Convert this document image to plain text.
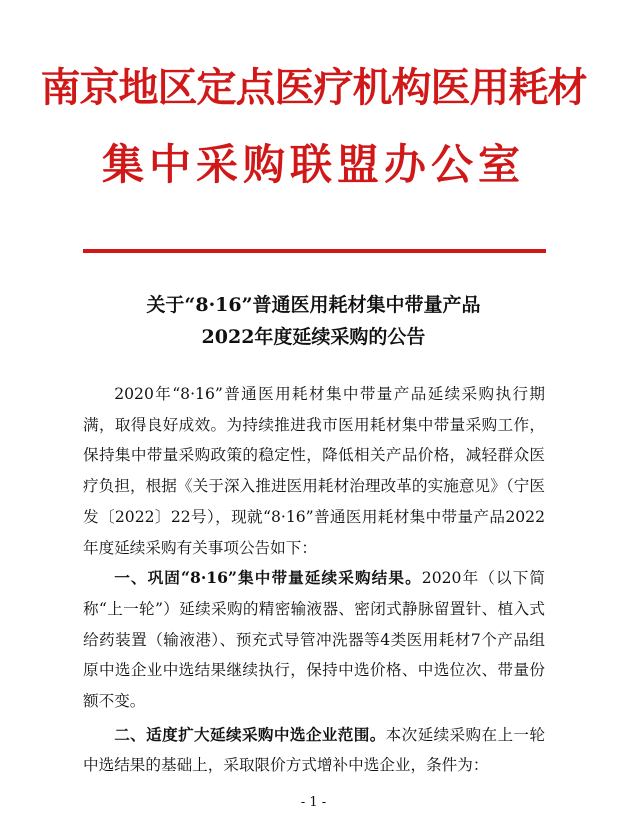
南京地区定点医疗机构医用耗材
集中采购联盟办公室
关于“8·16”普通医用耗材集中带量产品
2022年度延续采购的公告

2020年“8·16”普通医用耗材集中带量产品延续采购执行期满，取得良好成效。为持续推进我市医用耗材集中带量采购工作，保持集中带量采购政策的稳定性，降低相关产品价格，减轻群众医疗负担，根据《关于深入推进医用耗材治理改革的实施意见》（宁医发〔2022〕22号），现就“8·16”普通医用耗材集中带量产品2022年度延续采购有关事项公告如下：

一、巩固“8·16”集中带量延续采购结果。2020年（以下简称“上一轮”）延续采购的精密输液器、密闭式静脉留置针、植入式给药装置（输液港）、预充式导管冲洗器等4类医用耗材7个产品组原中选企业中选结果继续执行，保持中选价格、中选位次、带量份额不变。

二、适度扩大延续采购中选企业范围。本次延续采购在上一轮中选结果的基础上，采取限价方式增补中选企业，条件为：

- 1 -
